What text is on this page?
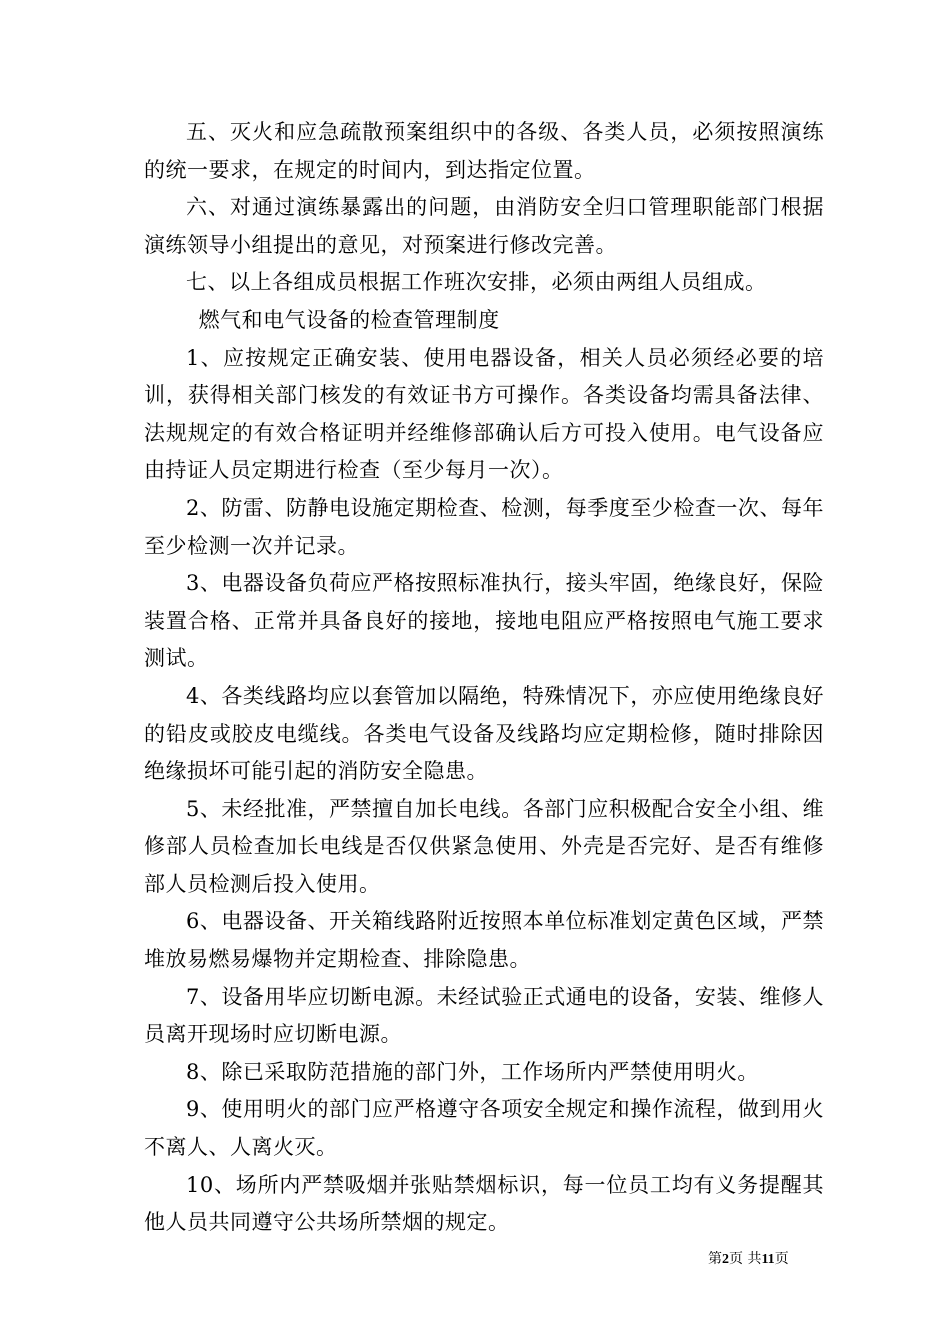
五、灭火和应急疏散预案组织中的各级、各类人员，必须按照演练的统一要求，在规定的时间内，到达指定位置。

六、对通过演练暴露出的问题，由消防安全归口管理职能部门根据演练领导小组提出的意见，对预案进行修改完善。

七、以上各组成员根据工作班次安排，必须由两组人员组成。

燃气和电气设备的检查管理制度

1、应按规定正确安装、使用电器设备，相关人员必须经必要的培训，获得相关部门核发的有效证书方可操作。各类设备均需具备法律、法规规定的有效合格证明并经维修部确认后方可投入使用。电气设备应由持证人员定期进行检查（至少每月一次）。

2、防雷、防静电设施定期检查、检测，每季度至少检查一次、每年至少检测一次并记录。

3、电器设备负荷应严格按照标准执行，接头牢固，绝缘良好，保险装置合格、正常并具备良好的接地，接地电阻应严格按照电气施工要求测试。

4、各类线路均应以套管加以隔绝，特殊情况下，亦应使用绝缘良好的铅皮或胶皮电缆线。各类电气设备及线路均应定期检修，随时排除因绝缘损坏可能引起的消防安全隐患。

5、未经批准，严禁擅自加长电线。各部门应积极配合安全小组、维修部人员检查加长电线是否仅供紧急使用、外壳是否完好、是否有维修部人员检测后投入使用。

6、电器设备、开关箱线路附近按照本单位标准划定黄色区域，严禁堆放易燃易爆物并定期检查、排除隐患。

7、设备用毕应切断电源。未经试验正式通电的设备，安装、维修人员离开现场时应切断电源。

8、除已采取防范措施的部门外，工作场所内严禁使用明火。

9、使用明火的部门应严格遵守各项安全规定和操作流程，做到用火不离人、人离火灭。

10、场所内严禁吸烟并张贴禁烟标识，每一位员工均有义务提醒其他人员共同遵守公共场所禁烟的规定。

第2页 共11页
